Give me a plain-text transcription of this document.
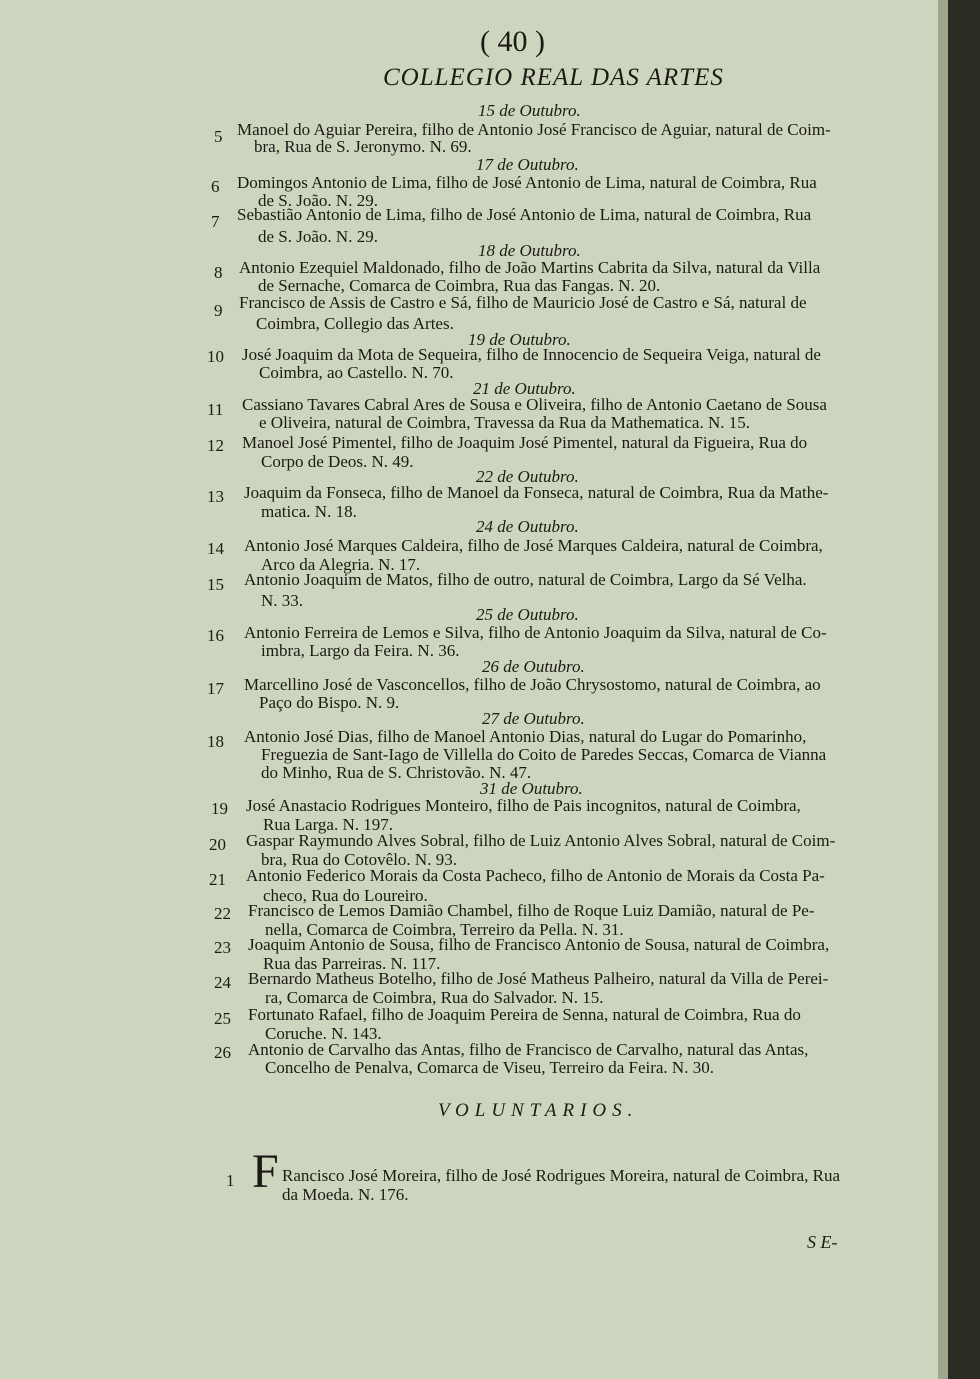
( 40 )
COLLEGIO REAL DAS ARTES
15 de Outubro.
5 Manoel do Aguiar Pereira, filho de Antonio José Francisco de Aguiar, natural de Coim-
bra, Rua de S. Jeronymo. N. 69.
17 de Outubro.
6 Domingos Antonio de Lima, filho de José Antonio de Lima, natural de Coimbra, Rua
de S. João. N. 29.
7 Sebastião Antonio de Lima, filho de José Antonio de Lima, natural de Coimbra, Rua
de S. João. N. 29.
18 de Outubro.
8 Antonio Ezequiel Maldonado, filho de João Martins Cabrita da Silva, natural da Villa
de Sernache, Comarca de Coimbra, Rua das Fangas. N. 20.
9 Francisco de Assis de Castro e Sá, filho de Mauricio José de Castro e Sá, natural de
Coimbra, Collegio das Artes.
19 de Outubro.
10 José Joaquim da Mota de Sequeira, filho de Innocencio de Sequeira Veiga, natural de
Coimbra, ao Castello. N. 70.
21 de Outubro.
11 Cassiano Tavares Cabral Ares de Sousa e Oliveira, filho de Antonio Caetano de Sousa
e Oliveira, natural de Coimbra, Travessa da Rua da Mathematica. N. 15.
12 Manoel José Pimentel, filho de Joaquim José Pimentel, natural da Figueira, Rua do
Corpo de Deos. N. 49.
22 de Outubro.
13 Joaquim da Fonseca, filho de Manoel da Fonseca, natural de Coimbra, Rua da Mathe-
matica. N. 18.
24 de Outubro.
14 Antonio José Marques Caldeira, filho de José Marques Caldeira, natural de Coimbra,
Arco da Alegria. N. 17.
15 Antonio Joaquim de Matos, filho de outro, natural de Coimbra, Largo da Sé Velha.
N. 33.
25 de Outubro.
16 Antonio Ferreira de Lemos e Silva, filho de Antonio Joaquim da Silva, natural de Co-
imbra, Largo da Feira. N. 36.
26 de Outubro.
17 Marcellino José de Vasconcellos, filho de João Chrysostomo, natural de Coimbra, ao
Paço do Bispo. N. 9.
27 de Outubro.
18 Antonio José Dias, filho de Manoel Antonio Dias, natural do Lugar do Pomarinho,
Freguezia de Sant-Iago de Villella do Coito de Paredes Seccas, Comarca de Vianna
do Minho, Rua de S. Christovão. N. 47.
31 de Outubro.
19 José Anastacio Rodrigues Monteiro, filho de Pais incognitos, natural de Coimbra,
Rua Larga. N. 197.
20 Gaspar Raymundo Alves Sobral, filho de Luiz Antonio Alves Sobral, natural de Coim-
bra, Rua do Cotovêlo. N. 93.
21 Antonio Federico Morais da Costa Pacheco, filho de Antonio de Morais da Costa Pa-
checo, Rua do Loureiro.
22 Francisco de Lemos Damião Chambel, filho de Roque Luiz Damião, natural de Pe-
nella, Comarca de Coimbra, Terreiro da Pella. N. 31.
23 Joaquim Antonio de Sousa, filho de Francisco Antonio de Sousa, natural de Coimbra,
Rua das Parreiras. N. 117.
24 Bernardo Matheus Botelho, filho de José Matheus Palheiro, natural da Villa de Perei-
ra, Comarca de Coimbra, Rua do Salvador. N. 15.
25 Fortunato Rafael, filho de Joaquim Pereira de Senna, natural de Coimbra, Rua do
Coruche. N. 143.
26 Antonio de Carvalho das Antas, filho de Francisco de Carvalho, natural das Antas,
Concelho de Penalva, Comarca de Viseu, Terreiro da Feira. N. 30.
VOLUNTARIOS.
1 F Rancisco José Moreira, filho de José Rodrigues Moreira, natural de Coimbra, Rua
da Moeda. N. 176.
S E-
